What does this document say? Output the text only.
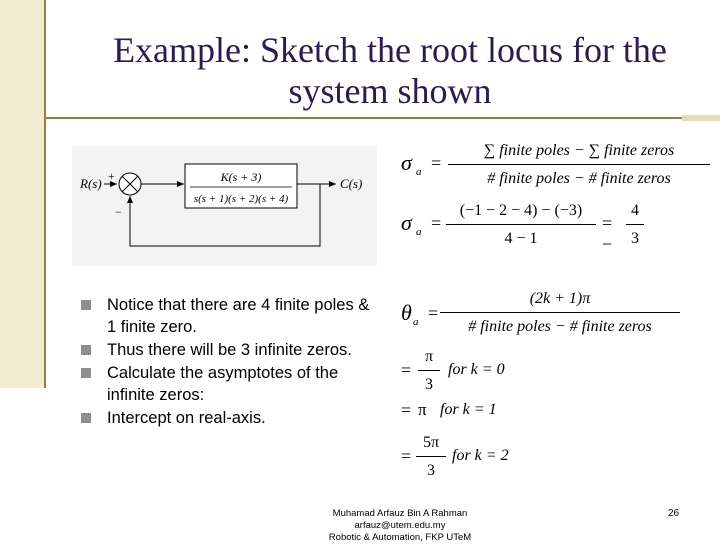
Example: Sketch the root locus for the
system shown
R(s) +
−
K(s + 3)
s(s + 1)(s + 2)(s + 4)
C(s)
Notice that there are 4 finite poles & 1 finite zero.
Thus there will be 3 infinite zeros.
Calculate the asymptotes of the infinite zeros:
Intercept on real-axis.
σ a =
∑ finite poles − ∑ finite zeros
# finite poles − # finite zeros
σ a =
(−1 − 2 − 4) − (−3)
4 − 1
= −
4
3
θ a =
(2k + 1)π
# finite poles − # finite zeros
=
π
3
for k = 0
= π for k = 1
=
5π
3
for k = 2
Muhamad Arfauz Bin A Rahman
arfauz@utem.edu.my
Robotic & Automation, FKP UTeM
26
